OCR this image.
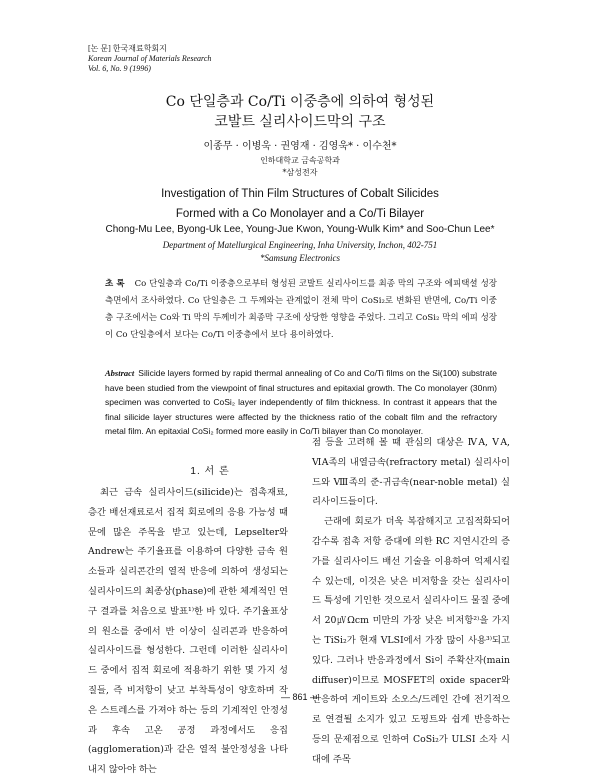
[논 문] 한국재료학회지
Korean Journal of Materials Research
Vol. 6, No. 9 (1996)
Co 단일층과 Co/Ti 이중층에 의하여 형성된
코발트 실리사이드막의 구조
이종무 · 이병욱 · 권영재 · 김영욱* · 이수천*
인하대학교 금속공학과
*삼성전자
Investigation of Thin Film Structures of Cobalt Silicides
Formed with a Co Monolayer and a Co/Ti Bilayer
Chong-Mu Lee, Byong-Uk Lee, Young-Jue Kwon, Young-Wulk Kim* and Soo-Chun Lee*
Department of Matellurgical Engineering, Inha University, Inchon, 402-751
*Samsung Electronics
초 록 Co 단일층과 Co/Ti 이중층으로부터 형성된 코발트 실리사이드를 최종 막의 구조와 에피택셜 성장 측면에서 조사하였다. Co 단일층은 그 두께와는 관계없이 전체 막이 CoSi₂로 변화된 반면에, Co/Ti 이중층 구조에서는 Co와 Ti 막의 두께비가 최종막 구조에 상당한 영향을 주었다. 그리고 CoSi₂ 막의 에피 성장이 Co 단일층에서 보다는 Co/Ti 이중층에서 보다 용이하였다.
Abstract Silicide layers formed by rapid thermal annealing of Co and Co/Ti films on the Si(100) substrate have been studied from the viewpoint of final structures and epitaxial growth. The Co monolayer (30nm) specimen was converted to CoSi₂ layer independently of film thickness. In contrast it appears that the final silicide layer structures were affected by the thickness ratio of the cobalt film and the refractory metal film. An epitaxial CoSi₂ formed more easily in Co/Ti bilayer than Co monolayer.
1. 서 론

최근 금속 실리사이드(silicide)는 접촉재료, 층간 배선재료로서 집적 회로에의 응용 가능성 때문에 많은 주목을 받고 있는데, Lepselter와 Andrew는 주기율표를 이용하여 다양한 금속 원소들과 실리콘간의 열적 반응에 의하여 생성되는 실리사이드의 최종상(phase)에 관한 체계적인 연구 결과를 처음으로 발표¹⁾한 바 있다. 주기율표상의 원소를 중에서 반 이상이 실리콘과 반응하여 실리사이드를 형성한다. 그런데 이러한 실리사이드 중에서 집적 회로에 적용하기 위한 몇 가지 성질들, 즉 비저항이 낮고 부착특성이 양호하며 작은 스트레스를 가져야 하는 등의 기계적인 안정성과 후속 고온 공정 과정에서도 응집(agglomeration)과 같은 열적 불안정성을 나타내지 않아야 하는

점 등을 고려해 볼 때 관심의 대상은 ⅣA, ⅤA, ⅥA족의 내열금속(refractory metal) 실리사이드와 Ⅷ족의 준-귀금속(near-noble metal) 실리사이드들이다.

근래에 회로가 더욱 복잡해지고 고집적화되어 감수록 접촉 저항 증대에 의한 RC 지연시간의 증가를 실리사이드 배선 기술을 이용하여 억제시킬 수 있는데, 이것은 낮은 비저항을 갖는 실리사이드 특성에 기인한 것으로서 실리사이드 물질 중에서 20㎶Ωcm 미만의 가장 낮은 비저항²⁾을 가지는 TiSi₂가 현재 VLSI에서 가장 많이 사용³⁾되고 있다. 그러나 반응과정에서 Si이 주확산자(main diffuser)이므로 MOSFET의 oxide spacer와 반응하여 게이트와 소오스/드레인 간에 전기적으로 연결될 소지가 있고 도핑트와 쉽게 반응하는 등의 문제점으로 인하여 CoSi₂가 ULSI 소자 시대에 주목

— 861 —
